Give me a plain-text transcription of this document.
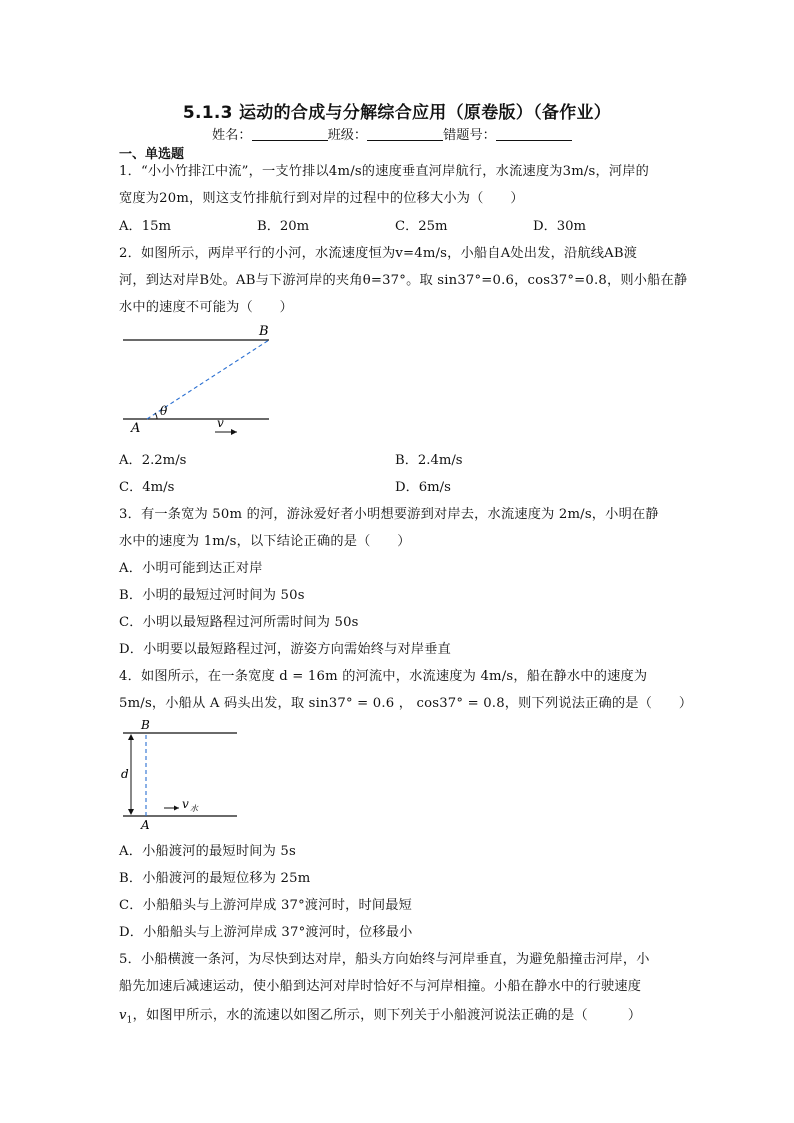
5.1.3 运动的合成与分解综合应用（原卷版）（备作业）
姓名：	班级：	错题号：
一、单选题
1．“小小竹排江中流”，一支竹排以4m/s的速度垂直河岸航行，水流速度为3m/s，河岸的
宽度为20m，则这支竹排航行到对岸的过程中的位移大小为（　　）
A．15m	B．20m	C．25m	D．30m
2．如图所示，两岸平行的小河，水流速度恒为v=4m/s，小船自A处出发，沿航线AB渡
河，到达对岸B处。AB与下游河岸的夹角θ=37°。取 sin37°=0.6，cos37°=0.8，则小船在静
水中的速度不可能为（　　）
B
A
θ
v
A．2.2m/s	B．2.4m/s
C．4m/s	D．6m/s
3．有一条宽为 50m 的河，游泳爱好者小明想要游到对岸去，水流速度为 2m/s，小明在静
水中的速度为 1m/s，以下结论正确的是（　　）
A．小明可能到达正对岸
B．小明的最短过河时间为 50s
C．小明以最短路程过河所需时间为 50s
D．小明要以最短路程过河，游姿方向需始终与对岸垂直
4．如图所示，在一条宽度 d = 16m 的河流中，水流速度为 4m/s，船在静水中的速度为
5m/s，小船从 A 码头出发，取 sin37° = 0.6 ， cos37° = 0.8，则下列说法正确的是（　　）
B
A
d
v 水
A．小船渡河的最短时间为 5s
B．小船渡河的最短位移为 25m
C．小船船头与上游河岸成 37°渡河时，时间最短
D．小船船头与上游河岸成 37°渡河时，位移最小
5．小船横渡一条河，为尽快到达对岸，船头方向始终与河岸垂直，为避免船撞击河岸，小
船先加速后减速运动，使小船到达河对岸时恰好不与河岸相撞。小船在静水中的行驶速度
$v_1$，如图甲所示，水的流速以如图乙所示，则下列关于小船渡河说法正确的是（　　　）
